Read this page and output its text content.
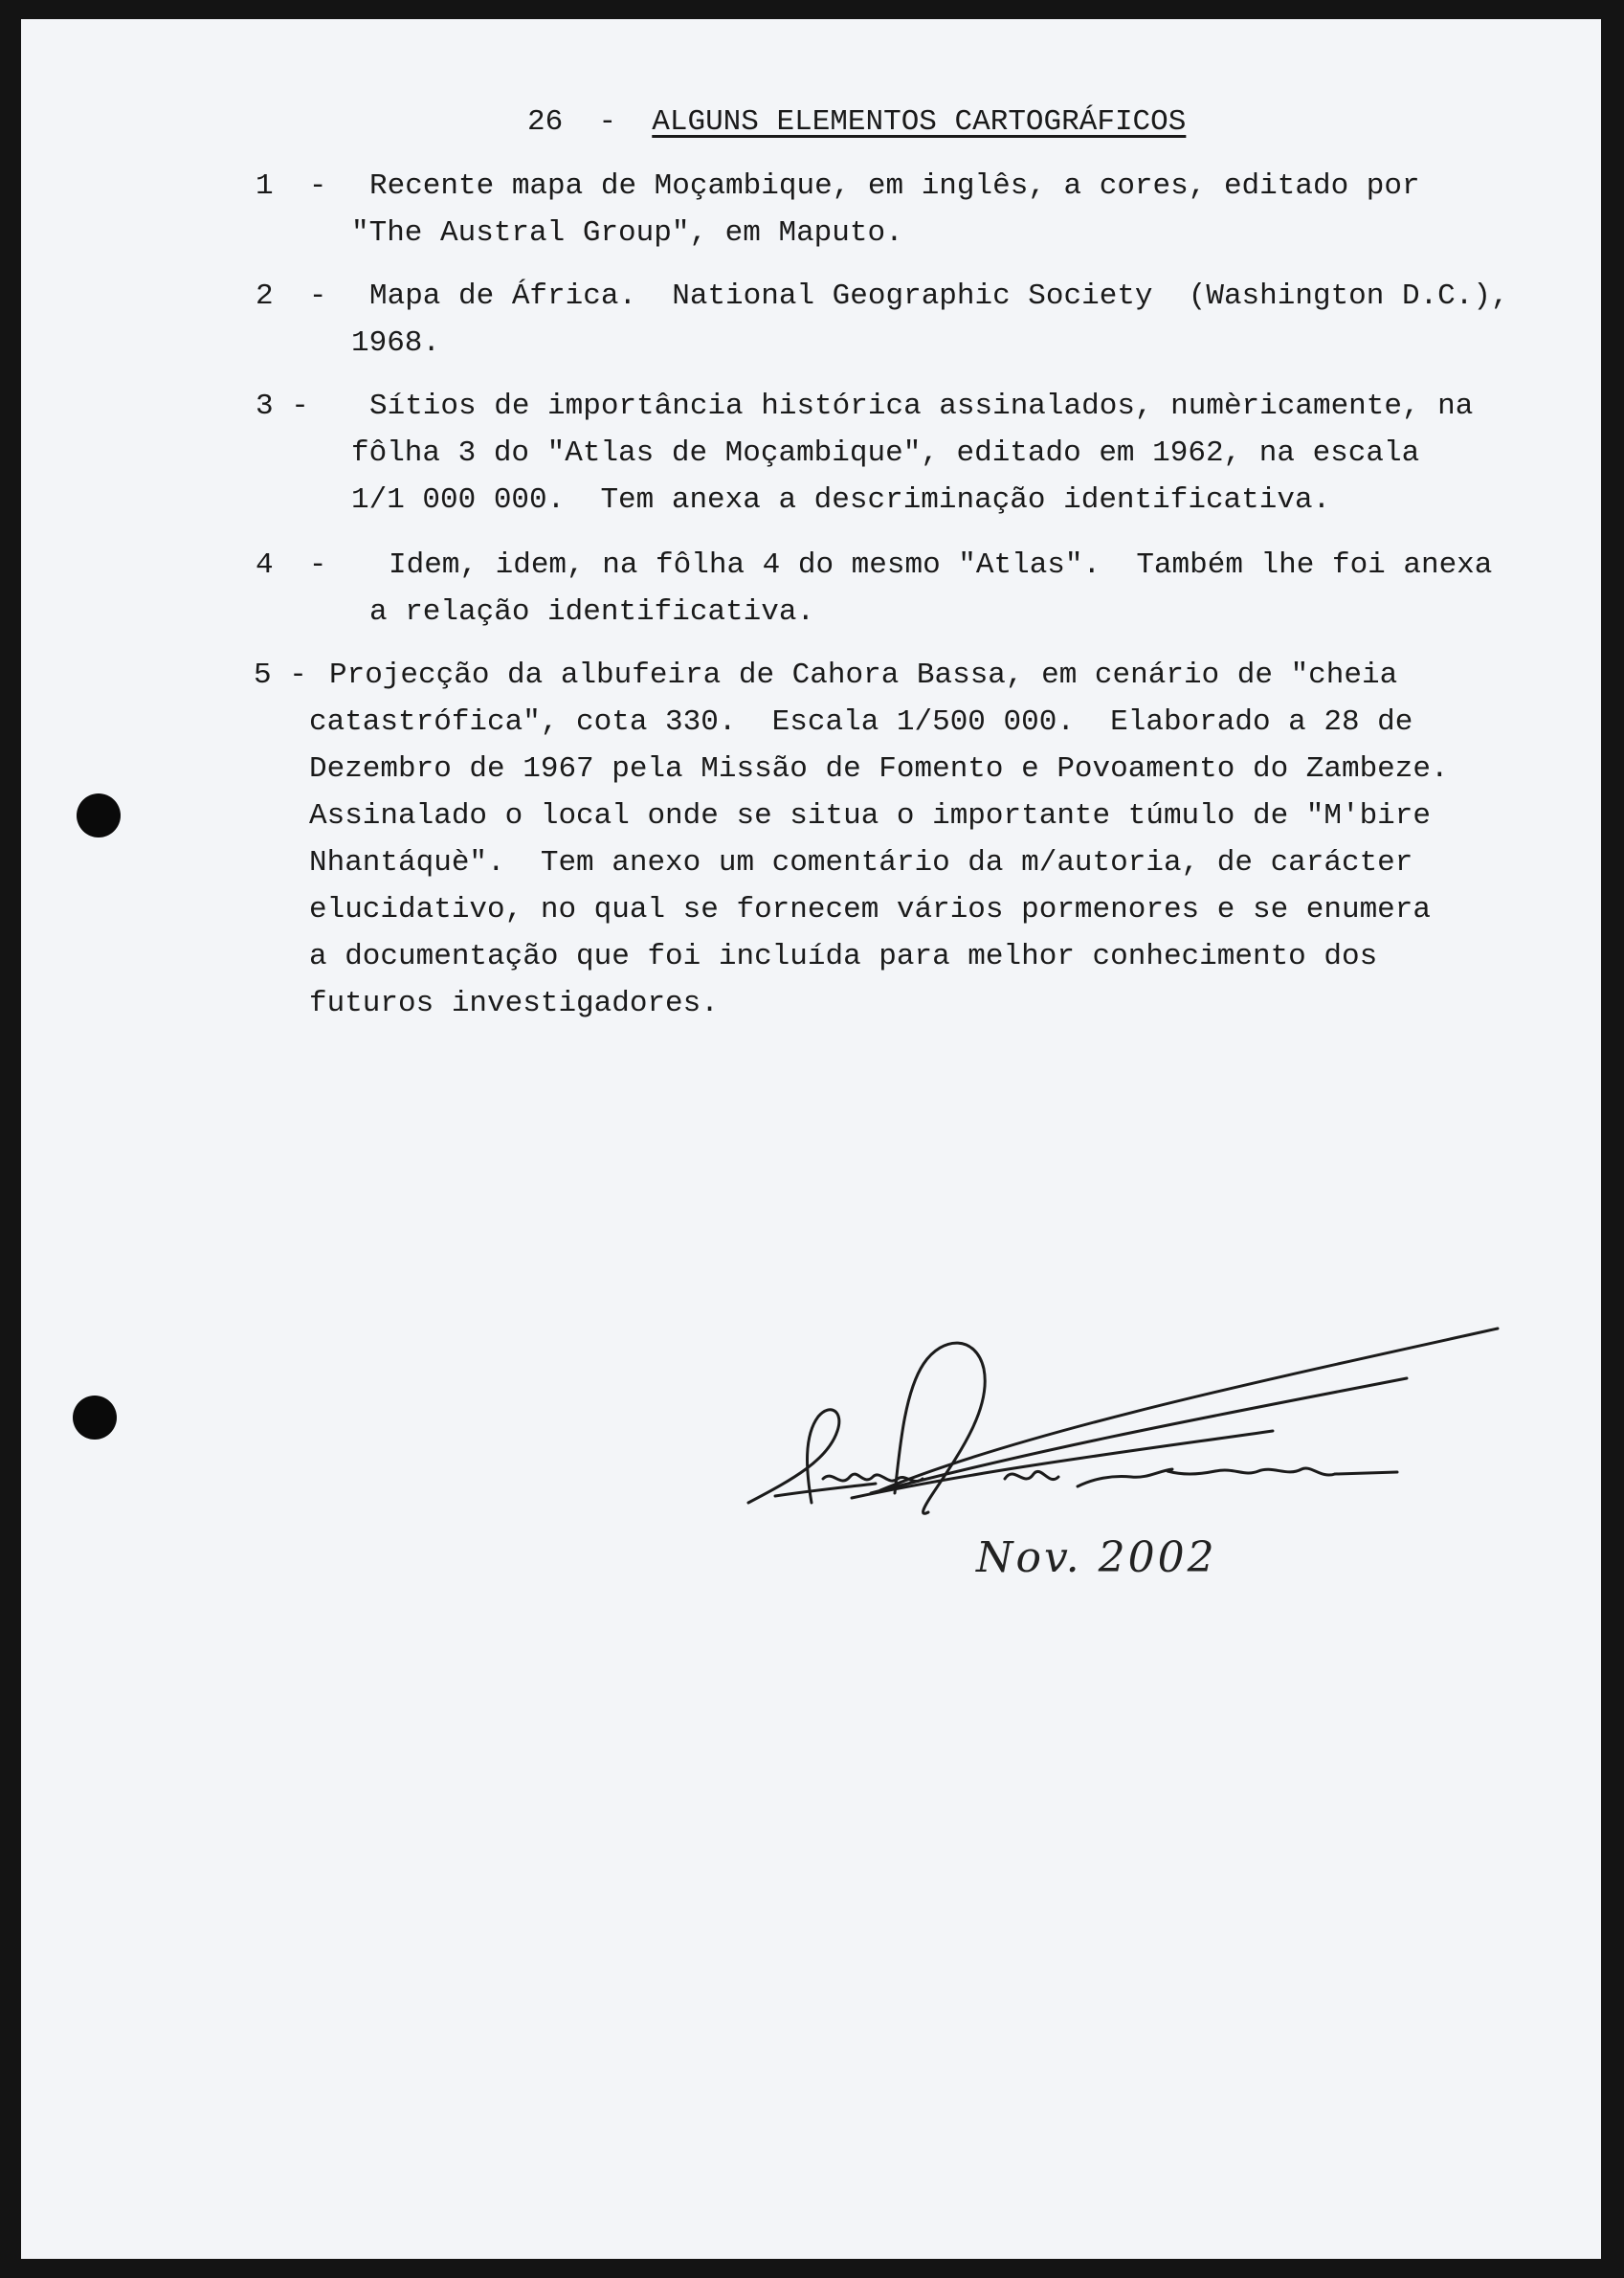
26 - ALGUNS ELEMENTOS CARTOGRÁFICOS
1 - Recente mapa de Moçambique, em inglês, a cores, editado por
"The Austral Group", em Maputo.
2 - Mapa de África.  National Geographic Society  (Washington D.C.),
1968.
3 - Sítios de importância histórica assinalados, numèricamente, na
fôlha 3 do "Atlas de Moçambique", editado em 1962, na escala
1/1 000 000.  Tem anexa a descriminação identificativa.
4 - Idem, idem, na fôlha 4 do mesmo "Atlas".  Também lhe foi anexa
a relação identificativa.
5 - Projecção da albufeira de Cahora Bassa, em cenário de "cheia
catastrófica", cota 330.  Escala 1/500 000.  Elaborado a 28 de
Dezembro de 1967 pela Missão de Fomento e Povoamento do Zambeze.
Assinalado o local onde se situa o importante túmulo de "M'bire
Nhantáquè".  Tem anexo um comentário da m/autoria, de carácter
elucidativo, no qual se fornecem vários pormenores e se enumera
a documentação que foi incluída para melhor conhecimento dos
futuros investigadores.
Nov. 2002
